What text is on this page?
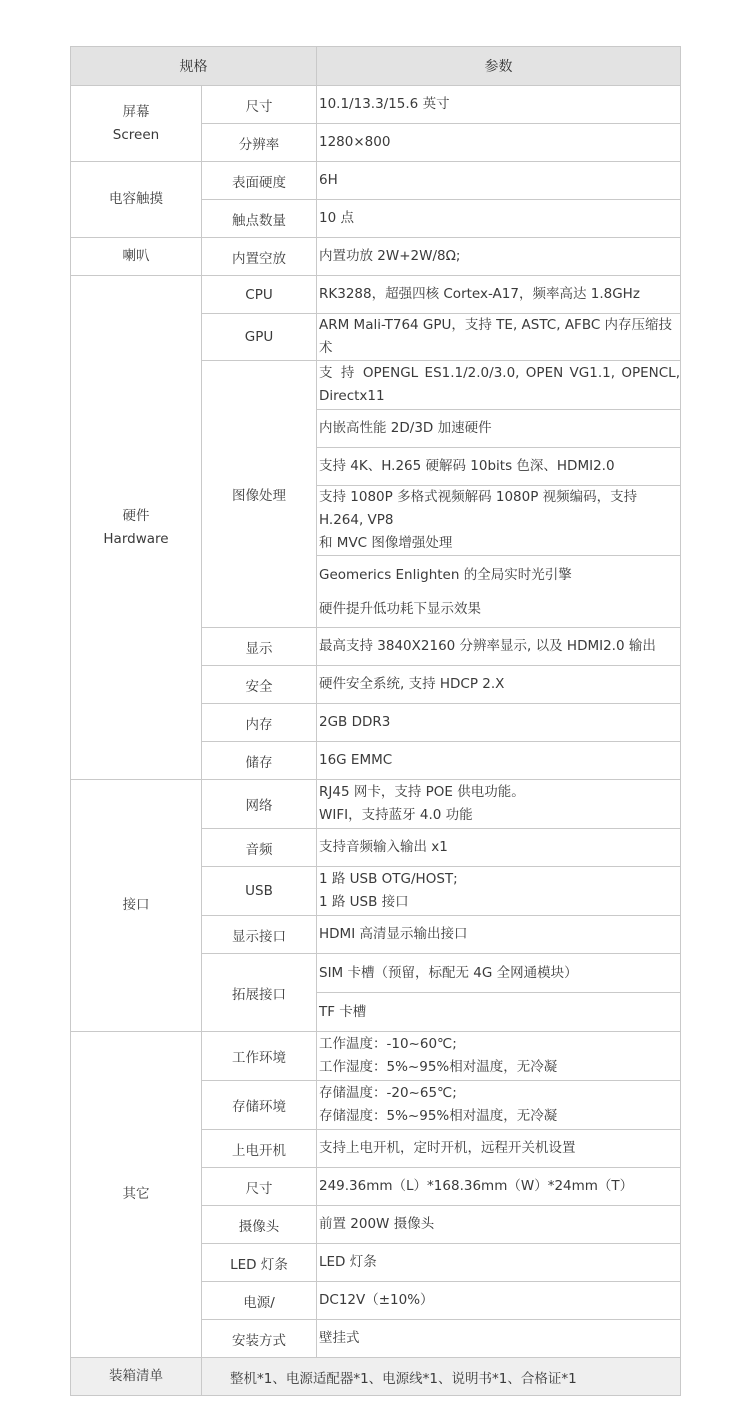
规格		参数

屏幕
Screen	尺寸	10.1/13.3/15.6 英寸
	分辨率	1280×800
电容触摸	表面硬度	6H
	触点数量	10 点
喇叭	内置空放	内置功放 2W+2W/8Ω;

硬件
Hardware	CPU	RK3288，超强四核 Cortex-A17，频率高达 1.8GHz
	GPU	ARM Mali-T764 GPU，支持 TE, ASTC, AFBC 内存压缩技术
	图像处理	支 持 OPENGL ES1.1/2.0/3.0, OPEN VG1.1, OPENCL,
Directx11

		内嵌高性能 2D/3D 加速硬件
		支持 4K、H.265 硬解码 10bits 色深、HDMI2.0

		支持 1080P 多格式视频解码 1080P 视频编码，支持 H.264, VP8
和 MVC 图像增强处理

		Geomerics Enlighten 的全局实时光引擎
硬件提升低功耗下显示效果

	显示	最高支持 3840X2160 分辨率显示, 以及 HDMI2.0 输出
	安全	硬件安全系统, 支持 HDCP 2.X
	内存	2GB DDR3
	储存	16G EMMC
接口	网络	RJ45 网卡，支持 POE 供电功能。
WIFI，支持蓝牙 4.0 功能

	音频	支持音频输入输出 x1
	USB	1 路 USB OTG/HOST;
1 路 USB 接口

	显示接口	HDMI 高清显示输出接口
	拓展接口	SIM 卡槽（预留，标配无 4G 全网通模块）
		TF 卡槽
其它	工作环境	工作温度：-10~60℃;
工作湿度：5%~95%相对温度，无冷凝

	存储环境	存储温度：-20~65℃;
存储湿度：5%~95%相对温度，无冷凝

	上电开机	支持上电开机，定时开机，远程开关机设置
	尺寸	249.36mm（L）*168.36mm（W）*24mm（T）
	摄像头	前置 200W 摄像头
	LED 灯条	LED 灯条
	电源/	DC12V（±10%）
	安装方式	壁挂式
装箱清单	整机*1、电源适配器*1、电源线*1、说明书*1、合格证*1	
